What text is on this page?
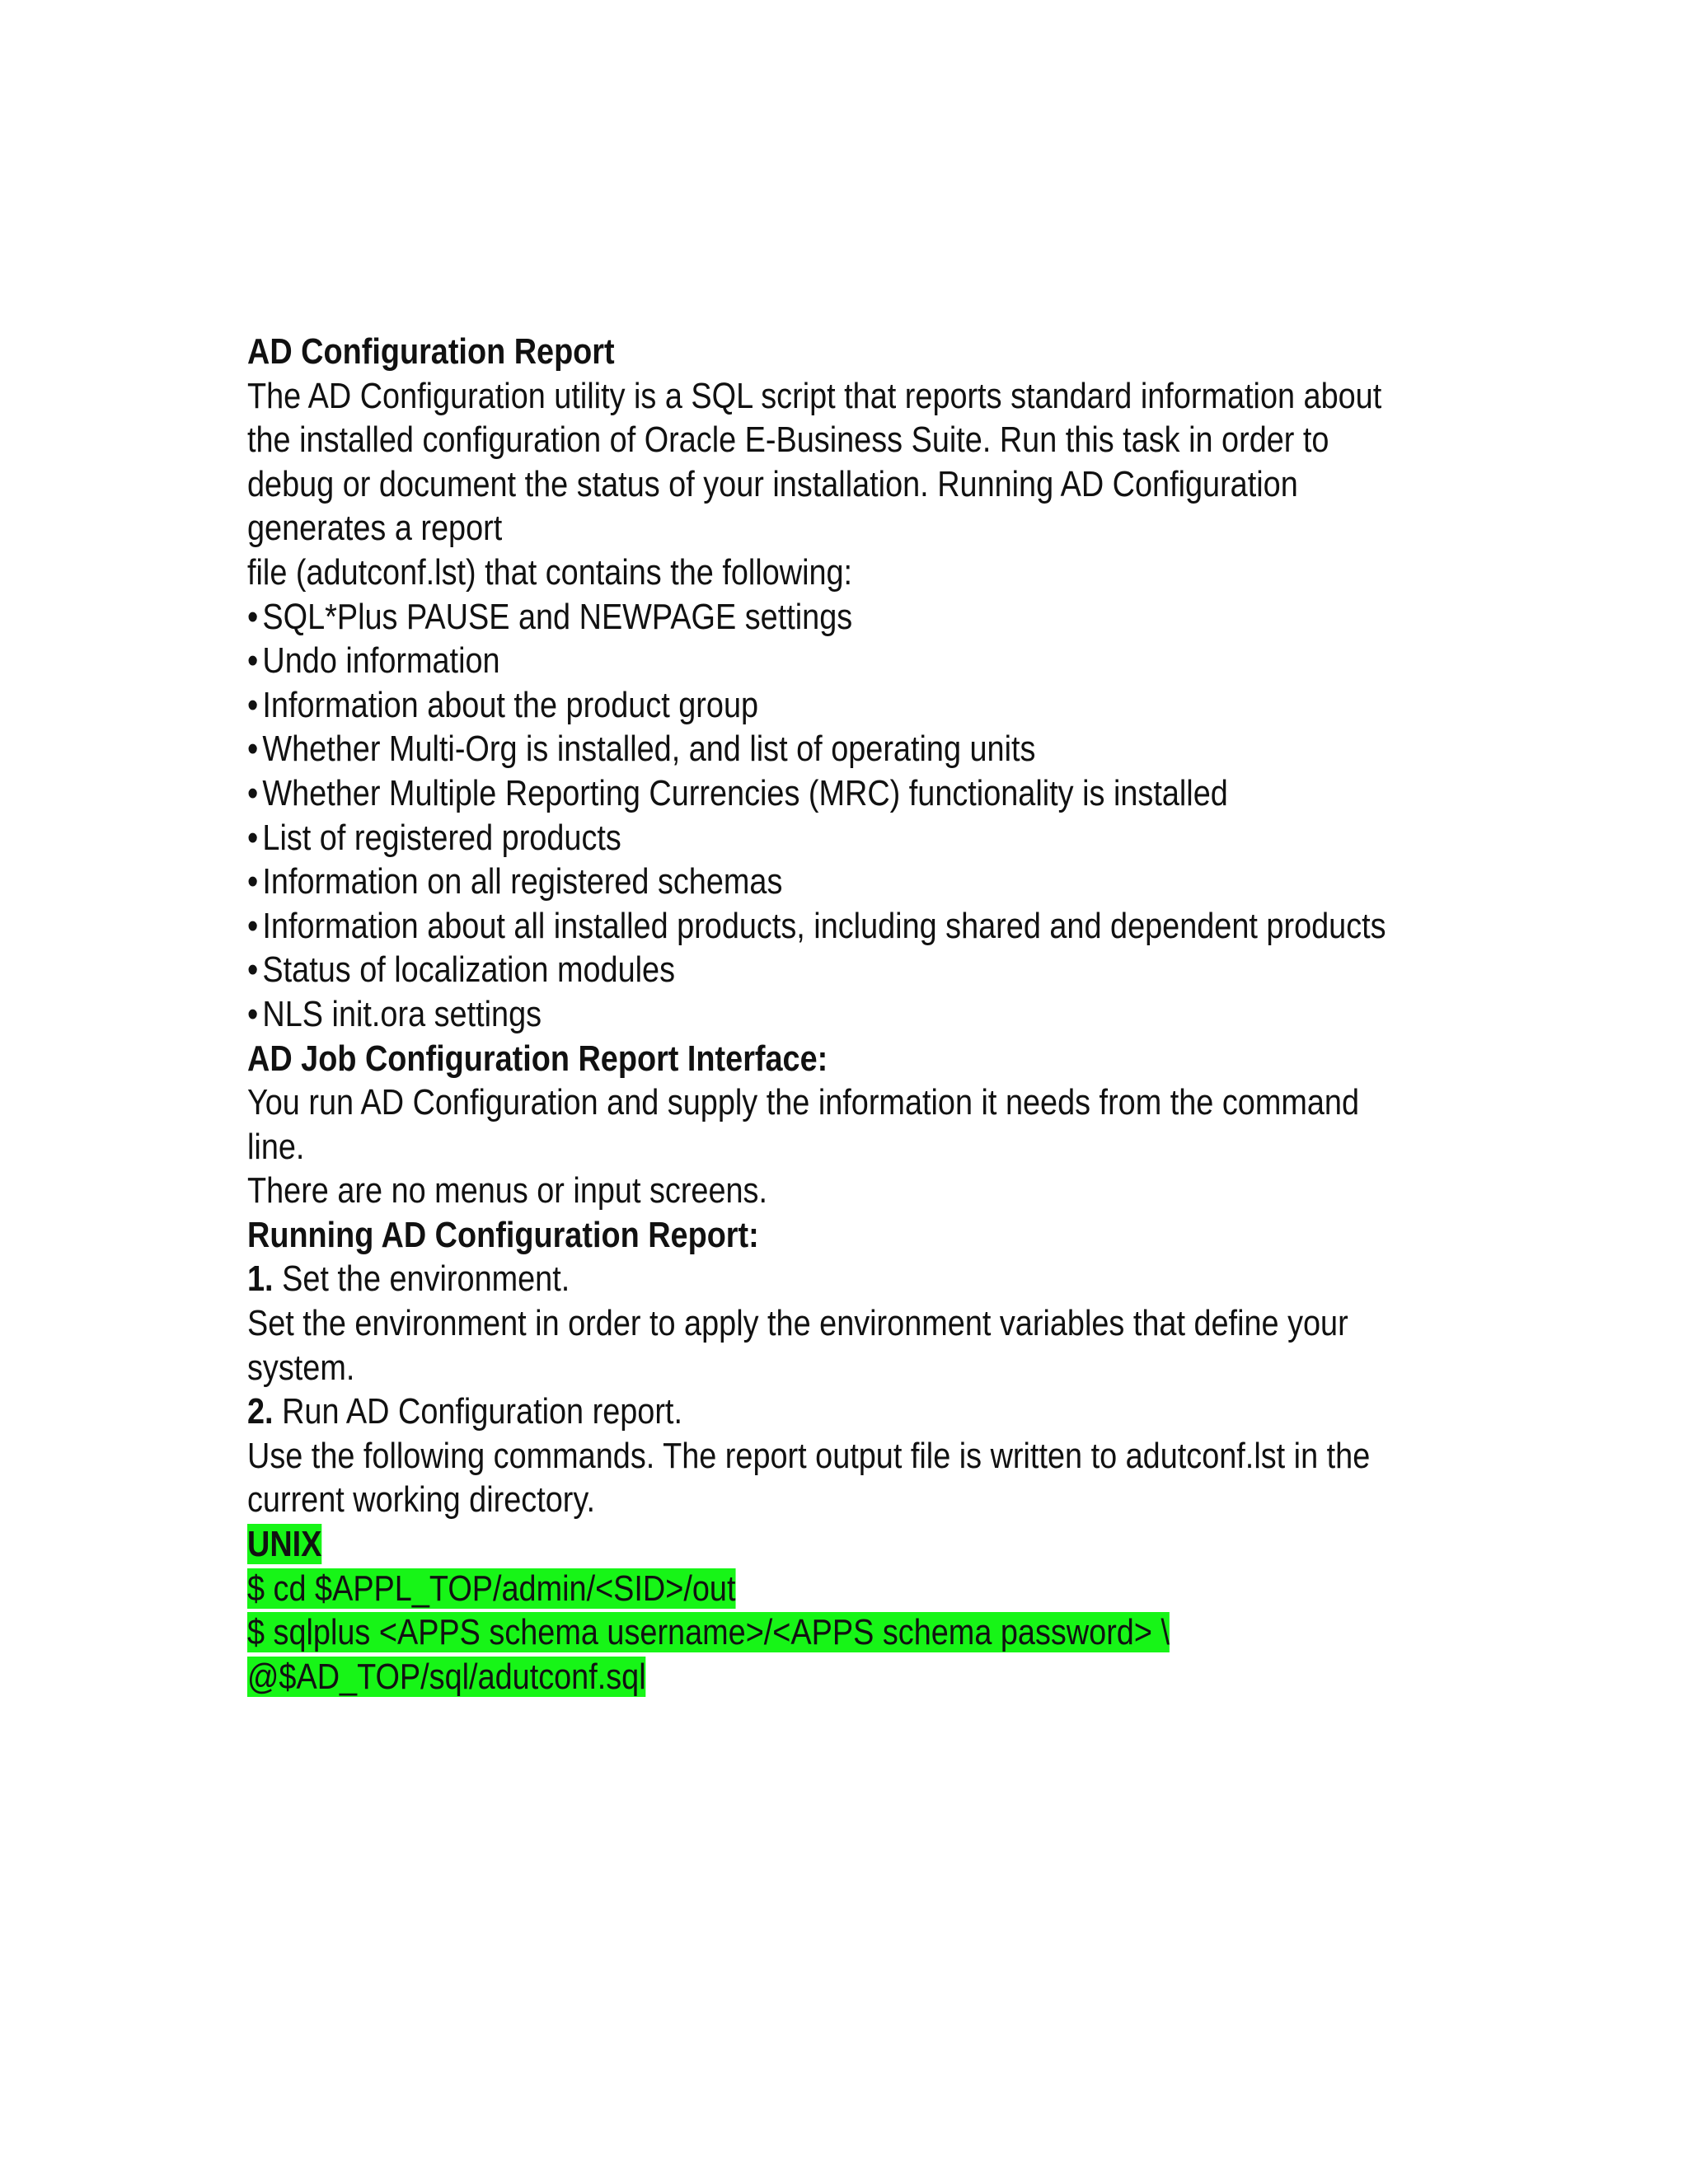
AD Configuration Report
The AD Configuration utility is a SQL script that reports standard information about
the installed configuration of Oracle E-Business Suite. Run this task in order to
debug or document the status of your installation. Running AD Configuration
generates a report
file (adutconf.lst) that contains the following:
• SQL*Plus PAUSE and NEWPAGE settings
• Undo information
• Information about the product group
• Whether Multi-Org is installed, and list of operating units
• Whether Multiple Reporting Currencies (MRC) functionality is installed
• List of registered products
• Information on all registered schemas
• Information about all installed products, including shared and dependent products
• Status of localization modules
• NLS init.ora settings
AD Job Configuration Report Interface:
You run AD Configuration and supply the information it needs from the command
line.
There are no menus or input screens.
Running AD Configuration Report:
1. Set the environment.
Set the environment in order to apply the environment variables that define your
system.
2. Run AD Configuration report.
Use the following commands. The report output file is written to adutconf.lst in the
current working directory.
UNIX
$ cd $APPL_TOP/admin/<SID>/out
$ sqlplus <APPS schema username>/<APPS schema password> \
@$AD_TOP/sql/adutconf.sql
